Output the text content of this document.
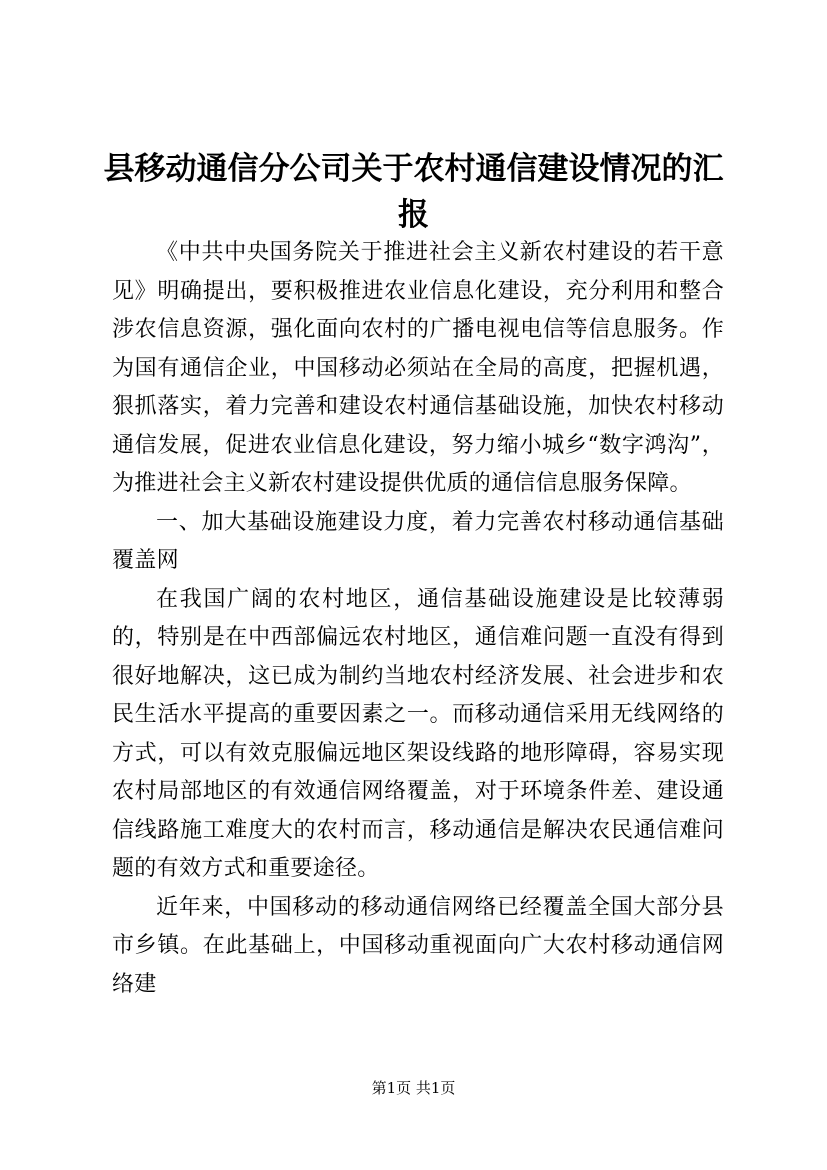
县移动通信分公司关于农村通信建设情况的汇报

《中共中央国务院关于推进社会主义新农村建设的若干意见》明确提出，要积极推进农业信息化建设，充分利用和整合涉农信息资源，强化面向农村的广播电视电信等信息服务。作为国有通信企业，中国移动必须站在全局的高度，把握机遇，狠抓落实，着力完善和建设农村通信基础设施，加快农村移动通信发展，促进农业信息化建设，努力缩小城乡“数字鸿沟”，为推进社会主义新农村建设提供优质的通信信息服务保障。

一、加大基础设施建设力度，着力完善农村移动通信基础覆盖网

在我国广阔的农村地区，通信基础设施建设是比较薄弱的，特别是在中西部偏远农村地区，通信难问题一直没有得到很好地解决，这已成为制约当地农村经济发展、社会进步和农民生活水平提高的重要因素之一。而移动通信采用无线网络的方式，可以有效克服偏远地区架设线路的地形障碍，容易实现农村局部地区的有效通信网络覆盖，对于环境条件差、建设通信线路施工难度大的农村而言，移动通信是解决农民通信难问题的有效方式和重要途径。

近年来，中国移动的移动通信网络已经覆盖全国大部分县市乡镇。在此基础上，中国移动重视面向广大农村移动通信网络建

第1页 共1页
